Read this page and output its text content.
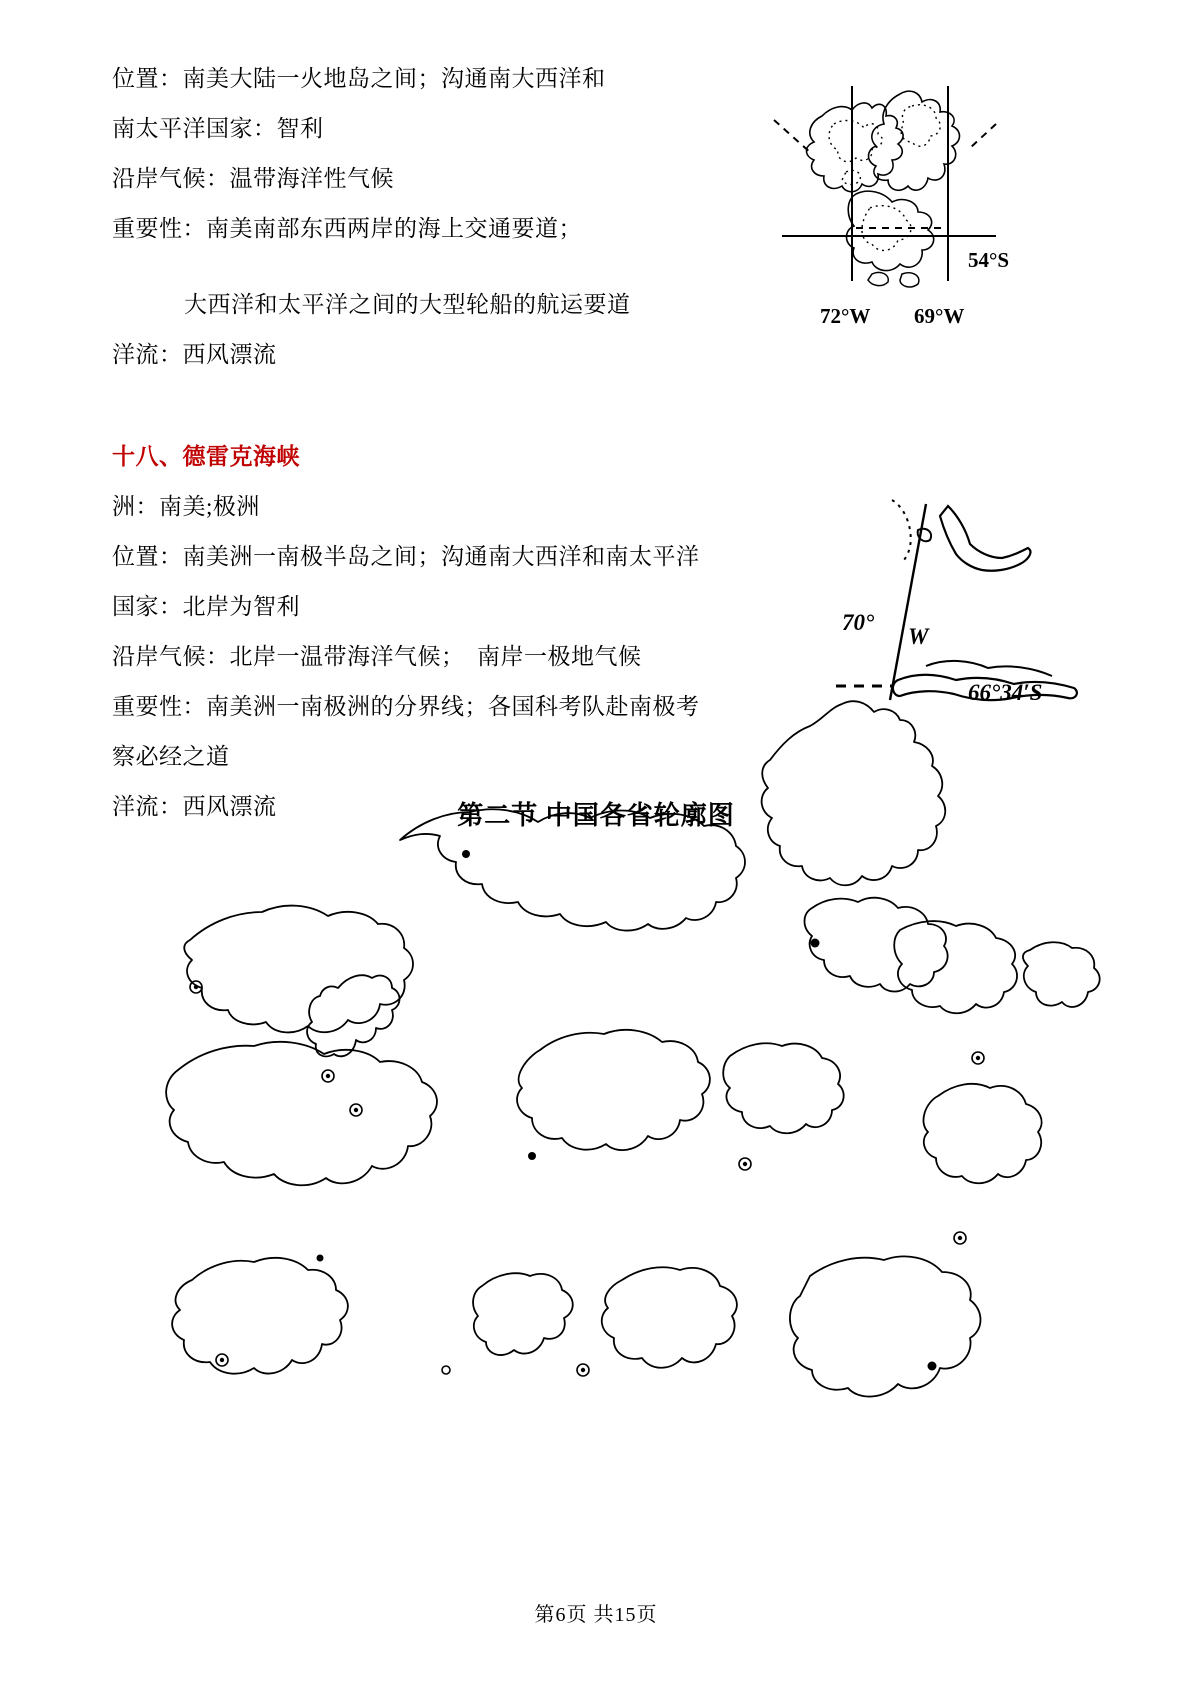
位置：南美大陆一火地岛之间；沟通南大西洋和
南太平洋国家：智利
沿岸气候：温带海洋性气候
重要性：南美南部东西两岸的海上交通要道；
大西洋和太平洋之间的大型轮船的航运要道
洋流：西风漂流
十八、德雷克海峡
洲：南美;极洲
位置：南美洲一南极半岛之间；沟通南大西洋和南太平洋
国家：北岸为智利
沿岸气候：北岸一温带海洋气候；  南岸一极地气候
重要性：南美洲一南极洲的分界线；各国科考队赴南极考
察必经之道
洋流：西风漂流
54°S
72°W 69°W
70°
W
66°34′S
第二节 中国各省轮廓图
第6页 共15页
